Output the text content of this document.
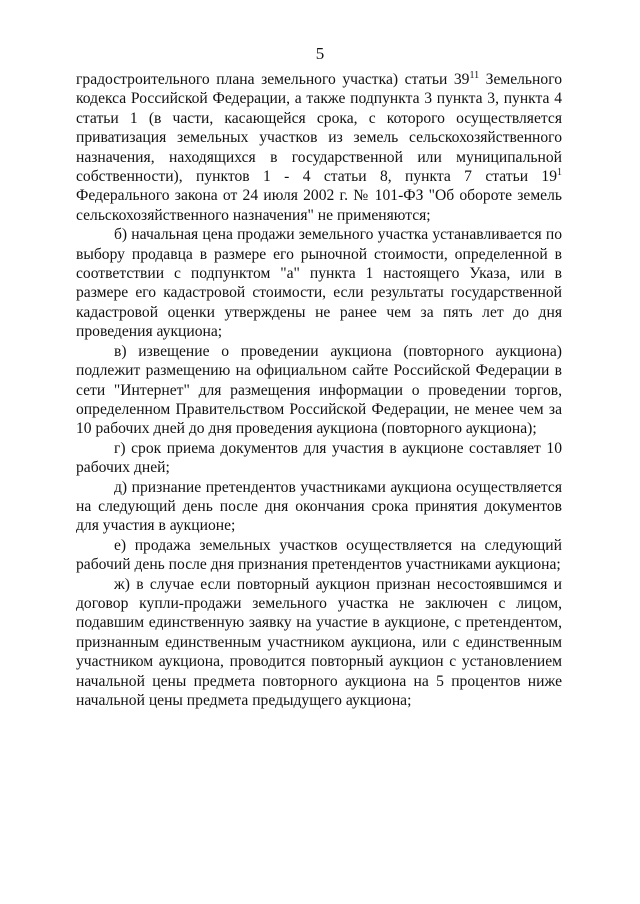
5

градостроительного плана земельного участка) статьи $39^{11}$ Земельного кодекса Российской Федерации, а также подпункта 3 пункта 3, пункта 4 статьи 1 (в части, касающейся срока, с которого осуществляется приватизация земельных участков из земель сельскохозяйственного назначения, находящихся в государственной или муниципальной собственности), пунктов 1 - 4 статьи 8, пункта 7 статьи $19^1$ Федерального закона от 24 июля 2002 г. № 101-ФЗ "Об обороте земель сельскохозяйственного назначения" не применяются;

б) начальная цена продажи земельного участка устанавливается по выбору продавца в размере его рыночной стоимости, определенной в соответствии с подпунктом "а" пункта 1 настоящего Указа, или в размере его кадастровой стоимости, если результаты государственной кадастровой оценки утверждены не ранее чем за пять лет до дня проведения аукциона;

в) извещение о проведении аукциона (повторного аукциона) подлежит размещению на официальном сайте Российской Федерации в сети "Интернет" для размещения информации о проведении торгов, определенном Правительством Российской Федерации, не менее чем за 10 рабочих дней до дня проведения аукциона (повторного аукциона);

г) срок приема документов для участия в аукционе составляет 10 рабочих дней;

д) признание претендентов участниками аукциона осуществляется на следующий день после дня окончания срока принятия документов для участия в аукционе;

е) продажа земельных участков осуществляется на следующий рабочий день после дня признания претендентов участниками аукциона;

ж) в случае если повторный аукцион признан несостоявшимся и договор купли-продажи земельного участка не заключен с лицом, подавшим единственную заявку на участие в аукционе, с претендентом, признанным единственным участником аукциона, или с единственным участником аукциона, проводится повторный аукцион с установлением начальной цены предмета повторного аукциона на 5 процентов ниже начальной цены предмета предыдущего аукциона;
